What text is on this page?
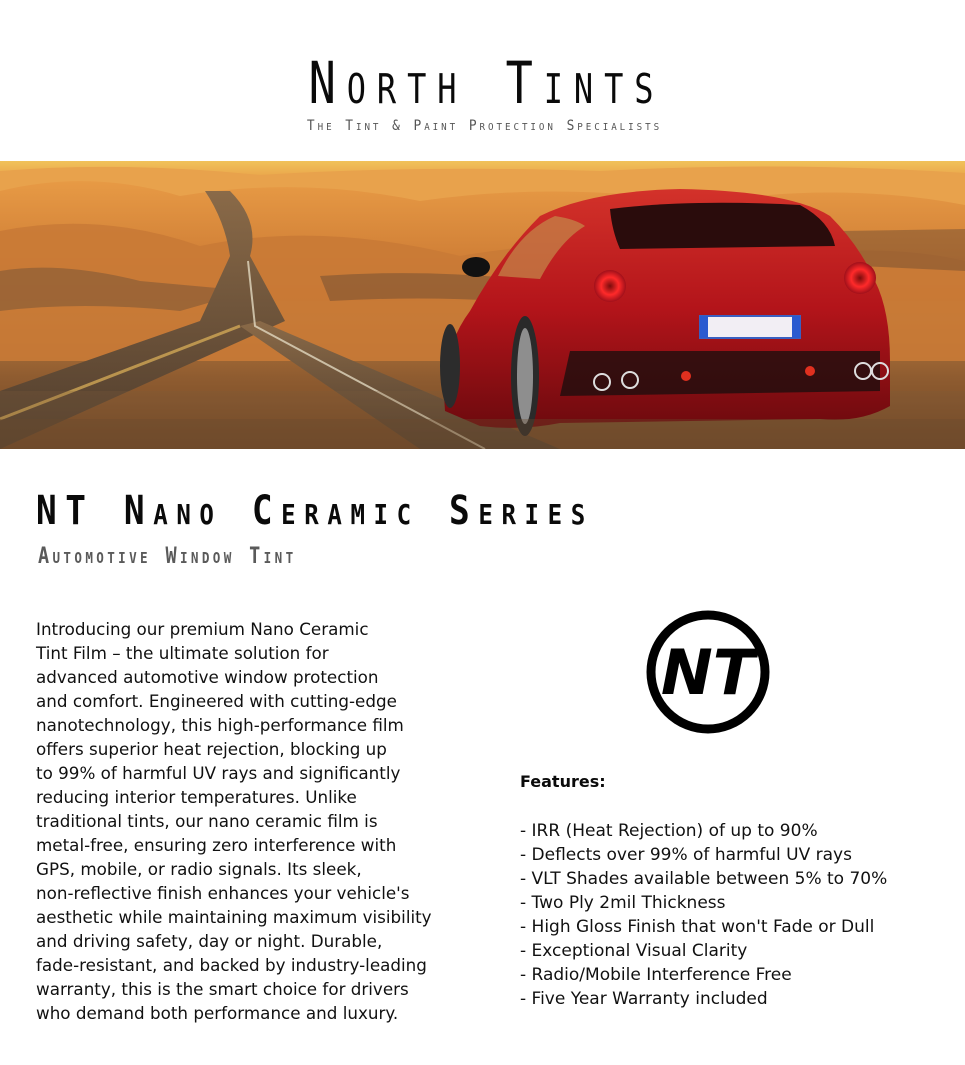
North Tints
The Tint & Paint Protection Specialists
NT Nano Ceramic Series
Automotive Window Tint
Introducing our premium Nano Ceramic
Tint Film – the ultimate solution for
advanced automotive window protection
and comfort. Engineered with cutting-edge
nanotechnology, this high-performance film
offers superior heat rejection, blocking up
to 99% of harmful UV rays and significantly
reducing interior temperatures. Unlike
traditional tints, our nano ceramic film is
metal-free, ensuring zero interference with
GPS, mobile, or radio signals. Its sleek,
non-reflective finish enhances your vehicle's
aesthetic while maintaining maximum visibility
and driving safety, day or night. Durable,
fade-resistant, and backed by industry-leading
warranty, this is the smart choice for drivers
who demand both performance and luxury.
NT
Features:
- IRR (Heat Rejection) of up to 90%
- Deflects over 99% of harmful UV rays
- VLT Shades available between 5% to 70%
- Two Ply 2mil Thickness
- High Gloss Finish that won't Fade or Dull
- Exceptional Visual Clarity
- Radio/Mobile Interference Free
- Five Year Warranty included
